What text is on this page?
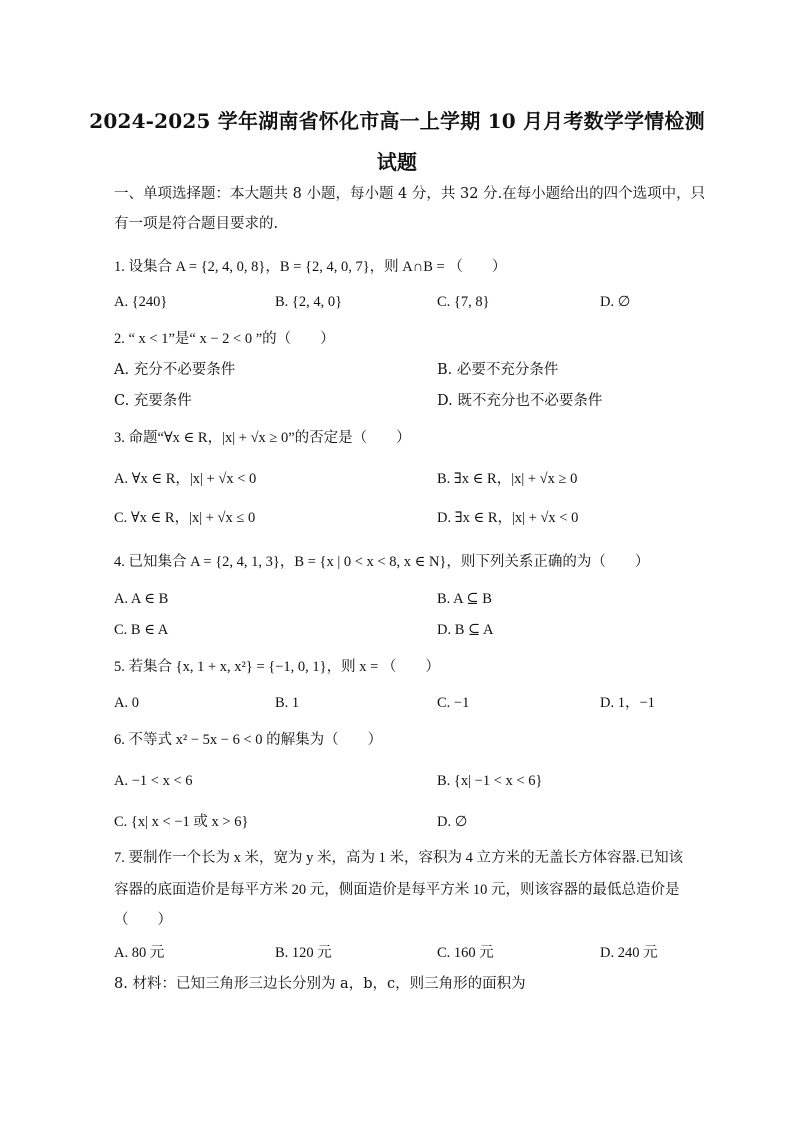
2024-2025 学年湖南省怀化市高一上学期 10 月月考数学学情检测
试题
一、单项选择题：本大题共 8 小题，每小题 4 分，共 32 分.在每小题给出的四个选项中，只
有一项是符合题目要求的.
1. 设集合 A = {2, 4, 0, 8}，B = {2, 4, 0, 7}，则 A∩B = （　　）
A. {240}	B. {2, 4, 0}	C. {7, 8}	D. ∅
2. “ x < 1”是“ x − 2 < 0 ”的（　　）
A. 充分不必要条件	B. 必要不充分条件
C. 充要条件	D. 既不充分也不必要条件
3. 命题“∀x ∈ R，|x| + √x ≥ 0”的否定是（　　）
A. ∀x ∈ R，|x| + √x < 0	B. ∃x ∈ R，|x| + √x ≥ 0
C. ∀x ∈ R，|x| + √x ≤ 0	D. ∃x ∈ R，|x| + √x < 0
4. 已知集合 A = {2, 4, 1, 3}，B = {x | 0 < x < 8, x ∈ N}，则下列关系正确的为（　　）
A. A ∈ B	B. A ⊆ B
C. B ∈ A	D. B ⊆ A
5. 若集合 {x, 1 + x, x²} = {−1, 0, 1}，则 x = （　　）
A. 0	B. 1	C. −1	D. 1，−1
6. 不等式 x² − 5x − 6 < 0 的解集为（　　）
A. −1 < x < 6	B. {x| −1 < x < 6}
C. {x| x < −1 或 x > 6}	D. ∅
7. 要制作一个长为 x 米，宽为 y 米，高为 1 米，容积为 4 立方米的无盖长方体容器.已知该
容器的底面造价是每平方米 20 元，侧面造价是每平方米 10 元，则该容器的最低总造价是
（　　）
A. 80 元	B. 120 元	C. 160 元	D. 240 元
8. 材料：已知三角形三边长分别为 a，b，c，则三角形的面积为
